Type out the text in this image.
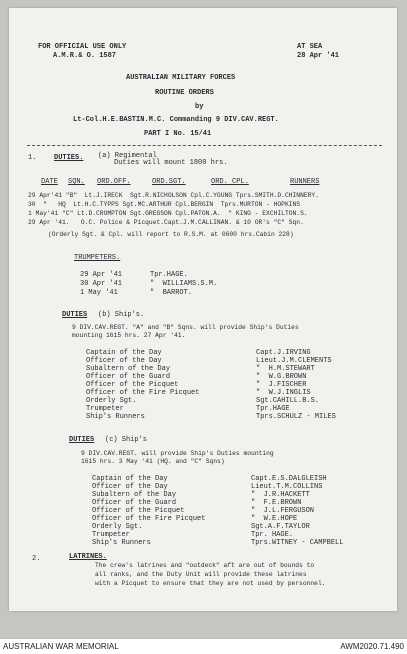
FOR OFFICIAL USE ONLY
A.M.R.& O. 1587
AT SEA
28 Apr '41
AUSTRALIAN MILITARY FORCES
ROUTINE ORDERS
by
Lt-Col.H.E.BASTIN.M.C. Commanding 9 DIV.CAV.REGT.
PART I No. 15/41
1.	DUTIES. (a) Regimental
Duties will mount 1800 hrs.
DATE SQN. ORD.OFF.	ORD.SGT.	ORD. CPL.	RUNNERS
29 Apr'41 "B"  Lt.J.IRECK  Sgt.R.NICHOLSON Cpl.C.YOUNG Tprs.SMITH.D.CHINNERY.
30  "   HQ  Lt.H.C.TYPPS Sgt.MC.ARTHUR Cpl.BERGIN  Tprs.MURTON - HOPKINS
1 May'41 "C" Lt.D.CROMPTON Sgt.GREGSON Cpl.PATON.A.  " KING - EXCHILTON.S.
29 Apr '41.   O.C. Police & Picquet.Capt.J.M.CALLINAN. & 10 OR's "C" Sqn.
(Orderly Sgt. & Cpl. will report to R.S.M. at 0600 hrs.Cabin 228)
TRUMPETERS.
29 Apr '41	Tpr.HAGE.
30 Apr '41	"  WILLIAMS.S.M.
1 May '41	"  BARROT.
DUTIES (b) Ship's.
9 DIV.CAV.REGT. "A" and "B" Sqns. will provide Ship's Duties
mounting 1615 hrs. 27 Apr '41.
Captain of the Day	Capt.J.IRVING
Officer of the Day	Lieut.J.M.CLEMENTS
Subaltern of the Day	"  H.M.STEWART
Officer of the Guard	"  W.G.BROWN
Officer of the Picquet	"  J.FISCHER
Officer of the Fire Picquet	"  W.J.INGLIS
Orderly Sgt.	Sgt.CAHILL.B.S.
Trumpeter	Tpr.HAGE
Ship's Runners	Tprs.SCHULZ - MILES
DUTIES (c) Ship's
9 DIV.CAV.REGT. will provide Ship's Duties mounting
1615 hrs. 3 May '41 (HQ. and "C" Sqns)
Captain of the Day	Capt.E.S.DALGLEISH
Officer of the Day	Lieut.T.M.COLLINS
Subaltern of the Day	"  J.R.HACKETT
Officer of the Guard	"  F.E.BROWN
Officer of the Picquet	"  J.L.FERGUSON
Officer of the Fire Picquet	"  W.E.HOPE
Orderly Sgt.	Sgt.A.F.TAYLOR
Trumpeter	Tpr. HAGE.
Ship's Runners	Tprs.WITNEY - CAMPBELL
2.	LATRINES.
The crew's latrines and "outdeck" aft are out of bounds to
all ranks, and the Duty Unit will provide these latrines
with a Picquet to ensure that they are not used by personnel.
AUSTRALIAN WAR MEMORIAL	AWM2020.71.490
